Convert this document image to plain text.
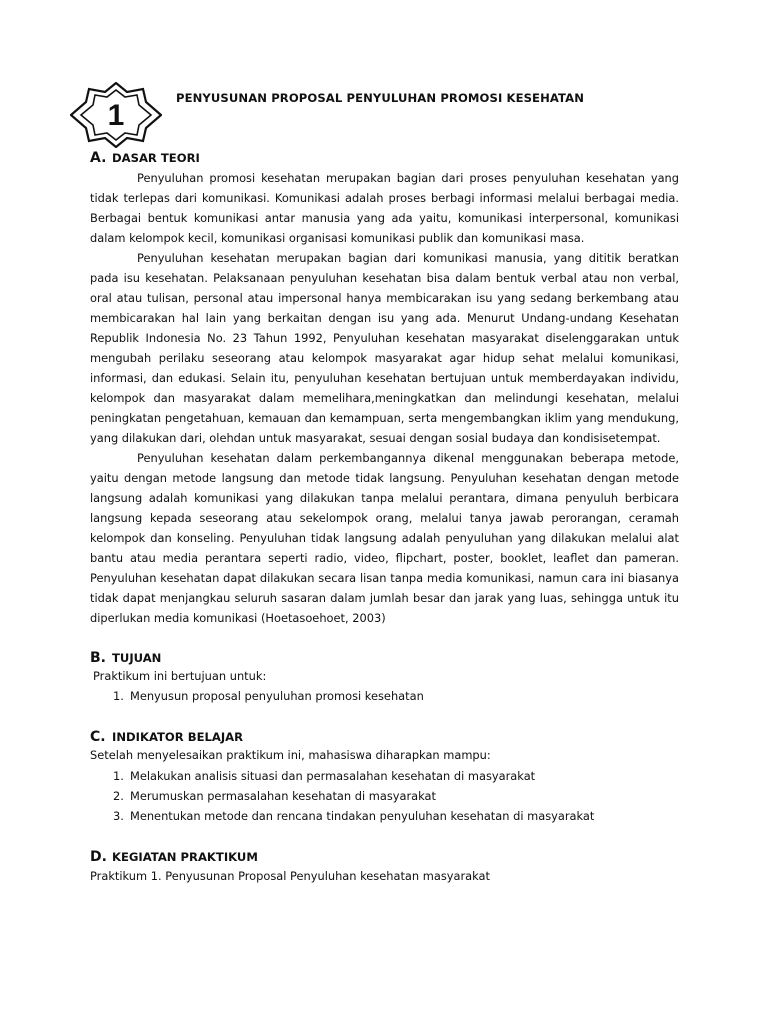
1
PENYUSUNAN PROPOSAL PENYULUHAN PROMOSI KESEHATAN
A. DASAR TEORI

Penyuluhan promosi kesehatan merupakan bagian dari proses penyuluhan kesehatan yang tidak terlepas dari komunikasi. Komunikasi adalah proses berbagi informasi melalui berbagai media. Berbagai bentuk komunikasi antar manusia yang ada yaitu, komunikasi interpersonal, komunikasi dalam kelompok kecil, komunikasi organisasi komunikasi publik dan komunikasi masa.

Penyuluhan kesehatan merupakan bagian dari komunikasi manusia, yang dititik beratkan pada isu kesehatan. Pelaksanaan penyuluhan kesehatan bisa dalam bentuk verbal atau non verbal, oral atau tulisan, personal atau impersonal hanya membicarakan isu yang sedang berkembang atau membicarakan hal lain yang berkaitan dengan isu yang ada. Menurut Undang-undang Kesehatan Republik Indonesia No. 23 Tahun 1992, Penyuluhan kesehatan masyarakat diselenggarakan untuk mengubah perilaku seseorang atau kelompok masyarakat agar hidup sehat melalui komunikasi, informasi, dan edukasi. Selain itu, penyuluhan kesehatan bertujuan untuk memberdayakan individu, kelompok dan masyarakat dalam memelihara,meningkatkan dan melindungi kesehatan, melalui peningkatan pengetahuan, kemauan dan kemampuan, serta mengembangkan iklim yang mendukung, yang dilakukan dari, olehdan untuk masyarakat, sesuai dengan sosial budaya dan kondisisetempat.

Penyuluhan kesehatan dalam perkembangannya dikenal menggunakan beberapa metode, yaitu dengan metode langsung dan metode tidak langsung. Penyuluhan kesehatan dengan metode langsung adalah komunikasi yang dilakukan tanpa melalui perantara, dimana penyuluh berbicara langsung kepada seseorang atau sekelompok orang, melalui tanya jawab perorangan, ceramah kelompok dan konseling. Penyuluhan tidak langsung adalah penyuluhan yang dilakukan melalui alat bantu atau media perantara seperti radio, video, flipchart, poster, booklet, leaflet dan pameran. Penyuluhan kesehatan dapat dilakukan secara lisan tanpa media komunikasi, namun cara ini biasanya tidak dapat menjangkau seluruh sasaran dalam jumlah besar dan jarak yang luas, sehingga untuk itu diperlukan media komunikasi (Hoetasoehoet, 2003)

B. TUJUAN
Praktikum ini bertujuan untuk:
1. Menyusun proposal penyuluhan promosi kesehatan
C. INDIKATOR BELAJAR
Setelah menyelesaikan praktikum ini, mahasiswa diharapkan mampu:
1. Melakukan analisis situasi dan permasalahan kesehatan di masyarakat
2. Merumuskan permasalahan kesehatan di masyarakat
3. Menentukan metode dan rencana tindakan penyuluhan kesehatan di masyarakat
D. KEGIATAN PRAKTIKUM
Praktikum 1. Penyusunan Proposal Penyuluhan kesehatan masyarakat
